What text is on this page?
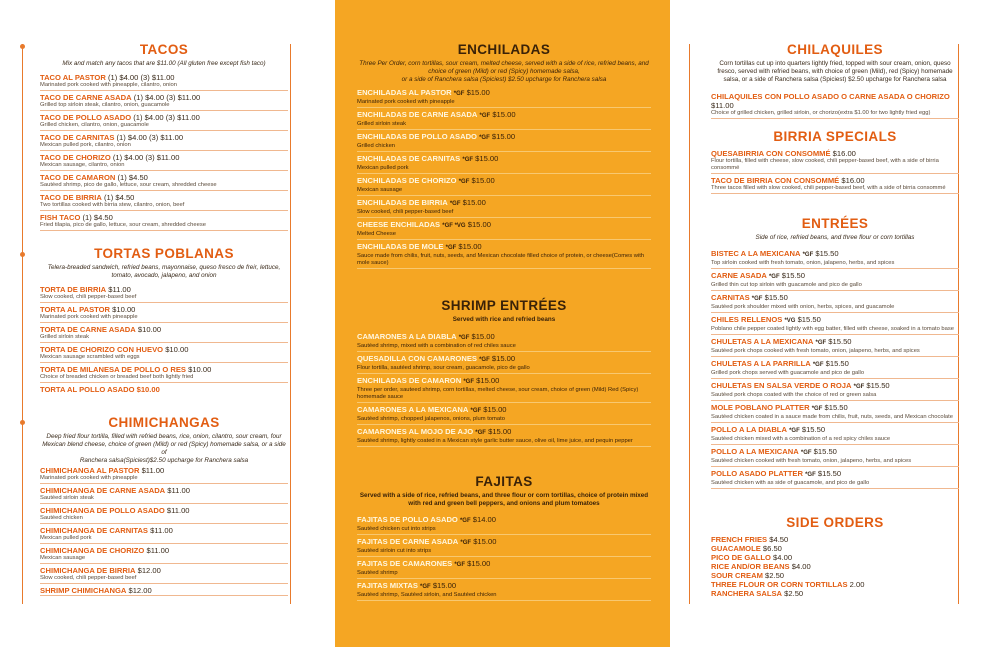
TACOS
Mix and match any tacos that are $11.00 (All gluten free except fish taco)
TACO AL PASTOR (1) $4.00 (3) $11.00
Marinated pork cooked with pineapple, cilantro, onion
TACO DE CARNE ASADA (1) $4.00 (3) $11.00
Grilled top sirloin steak, cilantro, onion, guacamole
TACO DE POLLO ASADO (1) $4.00 (3) $11.00
Grilled chicken, cilantro, onion, guacamole
TACO DE CARNITAS (1) $4.00 (3) $11.00
Mexican pulled pork, cilantro, onion
TACO DE CHORIZO (1) $4.00 (3) $11.00
Mexican sausage, cilantro, onion
TACO DE CAMARON (1) $4.50
Sautéed shrimp, pico de gallo, lettuce, sour cream, shredded cheese
TACO DE BIRRIA (1) $4.50
Two tortillas cooked with birria stew, cilantro, onion, beef
FISH TACO (1) $4.50
Fried tilapia, pico de gallo, lettuce, sour cream, shredded cheese
TORTAS POBLANAS
Telera-breaded sandwich, refried beans, mayonnaise, queso fresco de freir, lettuce, tomato, avocado, jalapeno, and onion
TORTA DE BIRRIA $11.00
Slow cooked, chili pepper-based beef
TORTA AL PASTOR $10.00
Marinated pork cooked with pineapple
TORTA DE CARNE ASADA $10.00
Grilled sirloin steak
TORTA DE CHORIZO CON HUEVO $10.00
Mexican sausage scrambled with eggs
TORTA DE MILANESA DE POLLO O RES $10.00
Choice of breaded chicken or breaded beef both lightly fried
TORTA AL POLLO ASADO $10.00
CHIMICHANGAS
Deep fried flour tortilla, filled with refried beans, rice, onion, cilantro, sour cream, four Mexican blend cheese, choice of green (Mild) or red (Spicy) homemade salsa, or a side of
Ranchera salsa(Spiciest)$2.50 upcharge for Ranchera salsa
CHIMICHANGA AL PASTOR $11.00
Marinated pork cooked with pineapple
CHIMICHANGA DE CARNE ASADA $11.00
Sautéed sirloin steak
CHIMICHANGA DE POLLO ASADO $11.00
Sautéed chicken
CHIMICHANGA DE CARNITAS $11.00
Mexican pulled pork
CHIMICHANGA DE CHORIZO $11.00
Mexican sausage
CHIMICHANGA DE BIRRIA $12.00
Slow cooked, chili pepper-based beef
SHRIMP CHIMICHANGA $12.00
ENCHILADAS
Three Per Order, corn tortillas, sour cream, melted cheese, served with a side of rice, refried beans, and choice of green (Mild) or red (Spicy) homemade salsa,
or a side of Ranchera salsa (Spiciest) $2.50 upcharge for Ranchera salsa
ENCHILADAS AL PASTOR *GF $15.00
Marinated pork cooked with pineapple
ENCHILADAS DE CARNE ASADA *GF $15.00
Grilled sirloin steak
ENCHILADAS DE POLLO ASADO *GF $15.00
Grilled chicken
ENCHILADAS DE CARNITAS *GF $15.00
Mexican pulled pork
ENCHILADAS DE CHORIZO *GF $15.00
Mexican sausage
ENCHILADAS DE BIRRIA *GF $15.00
Slow cooked, chili pepper-based beef
CHEESE ENCHILADAS *GF *VG $15.00
Melted Cheese
ENCHILADAS DE MOLE *GF $15.00
Sauce made from chilis, fruit, nuts, seeds, and Mexican chocolate filled choice of protein, or cheese(Comes with mole sauce)
SHRIMP ENTRÉES
Served with rice and refried beans
CAMARONES A LA DIABLA *GF $15.00
Sautéed shrimp, mixed with a combination of red chiles sauce
QUESADILLA CON CAMARONES *GF $15.00
Flour tortilla, sautéed shrimp, sour cream, guacamole, pico de gallo
ENCHILADAS DE CAMARON *GF $15.00
Three per order, sauteed shrimp, corn tortillas, melted cheese, sour cream, choice of green (Mild) Red (Spicy) homemade sauce
CAMARONES A LA MEXICANA *GF $15.00
Sautéed shrimp, chopped jalapenos, onions, plum tomato
CAMARONES AL MOJO DE AJO *GF $15.00
Sautéed shrimp, lightly coated in a Mexican style garlic butter sauce, olive oil, lime juice, and pequin pepper
FAJITAS
Served with a side of rice, refried beans, and three flour or corn tortillas, choice of protein mixed with red and green bell peppers, and onions and plum tomatoes
FAJITAS DE POLLO ASADO *GF $14.00
Sautéed chicken cut into strips
FAJITAS DE CARNE ASADA *GF $15.00
Sautéed sirloin cut into strips
FAJITAS DE CAMARONES *GF $15.00
Sautéed shrimp
FAJITAS MIXTAS *GF $15.00
Sautéed shrimp, Sautéed sirloin, and Sautéed chicken
CHILAQUILES
Corn tortillas cut up into quarters lightly fried, topped with sour cream, onion, queso fresco, served with refried beans, with choice of green (Mild), red (Spicy) homemade salsa, or a side of Ranchera salsa (Spiciest) $2.50 upcharge for Ranchera salsa
CHILAQUILES CON POLLO ASADO O CARNE ASADA O CHORIZO $11.00
Choice of grilled chicken, grilled sirloin, or chorizo(extra $1.00 for two lightly fried egg)
BIRRIA SPECIALS
QUESABIRRIA CON CONSOMMÉ $16.00
Flour tortilla, filled with cheese, slow cooked, chili pepper-based beef, with a side of birria consommé
TACO DE BIRRIA CON CONSOMMÉ $16.00
Three tacos filled with slow cooked, chili pepper-based beef, with a side of birria consommé
ENTRÉES
Side of rice, refried beans, and three flour or corn tortillas
BISTEC A LA MEXICANA *GF $15.50
Top sirloin cooked with fresh tomato, onion, jalapeno, herbs, and spices
CARNE ASADA *GF $15.50
Grilled thin cut top sirloin with guacamole and pico de gallo
CARNITAS *GF $15.50
Sautéed pork shoulder mixed with onion, herbs, spices, and guacamole
CHILES RELLENOS *VG $15.50
Poblano chile pepper coated lightly with egg batter, filled with cheese, soaked in a tomato base
CHULETAS A LA MEXICANA *GF $15.50
Sautéed pork chops cooked with fresh tomato, onion, jalapeno, herbs, and spices
CHULETAS A LA PARRILLA *GF $15.50
Grilled pork chops served with guacamole and pico de gallo
CHULETAS EN SALSA VERDE O ROJA *GF $15.50
Sautéed pork chops coated with the choice of red or green salsa
MOLE POBLANO PLATTER *GF $15.50
Sautéed chicken coated in a sauce made from chilis, fruit, nuts, seeds, and Mexican chocolate
POLLO A LA DIABLA *GF $15.50
Sautéed chicken mixed with a combination of a red spicy chiles sauce
POLLO A LA MEXICANA *GF $15.50
Sautéed chicken cooked with fresh tomato, onion, jalapeno, herbs, and spices
POLLO ASADO PLATTER *GF $15.50
Sautéed chicken with as side of guacamole, and pico de gallo
SIDE ORDERS
FRENCH FRIES $4.50
GUACAMOLE $6.50
PICO DE GALLO $4.00
RICE AND/OR BEANS $4.00
SOUR CREAM $2.50
THREE FLOUR OR CORN TORTILLAS 2.00
RANCHERA SALSA $2.50
